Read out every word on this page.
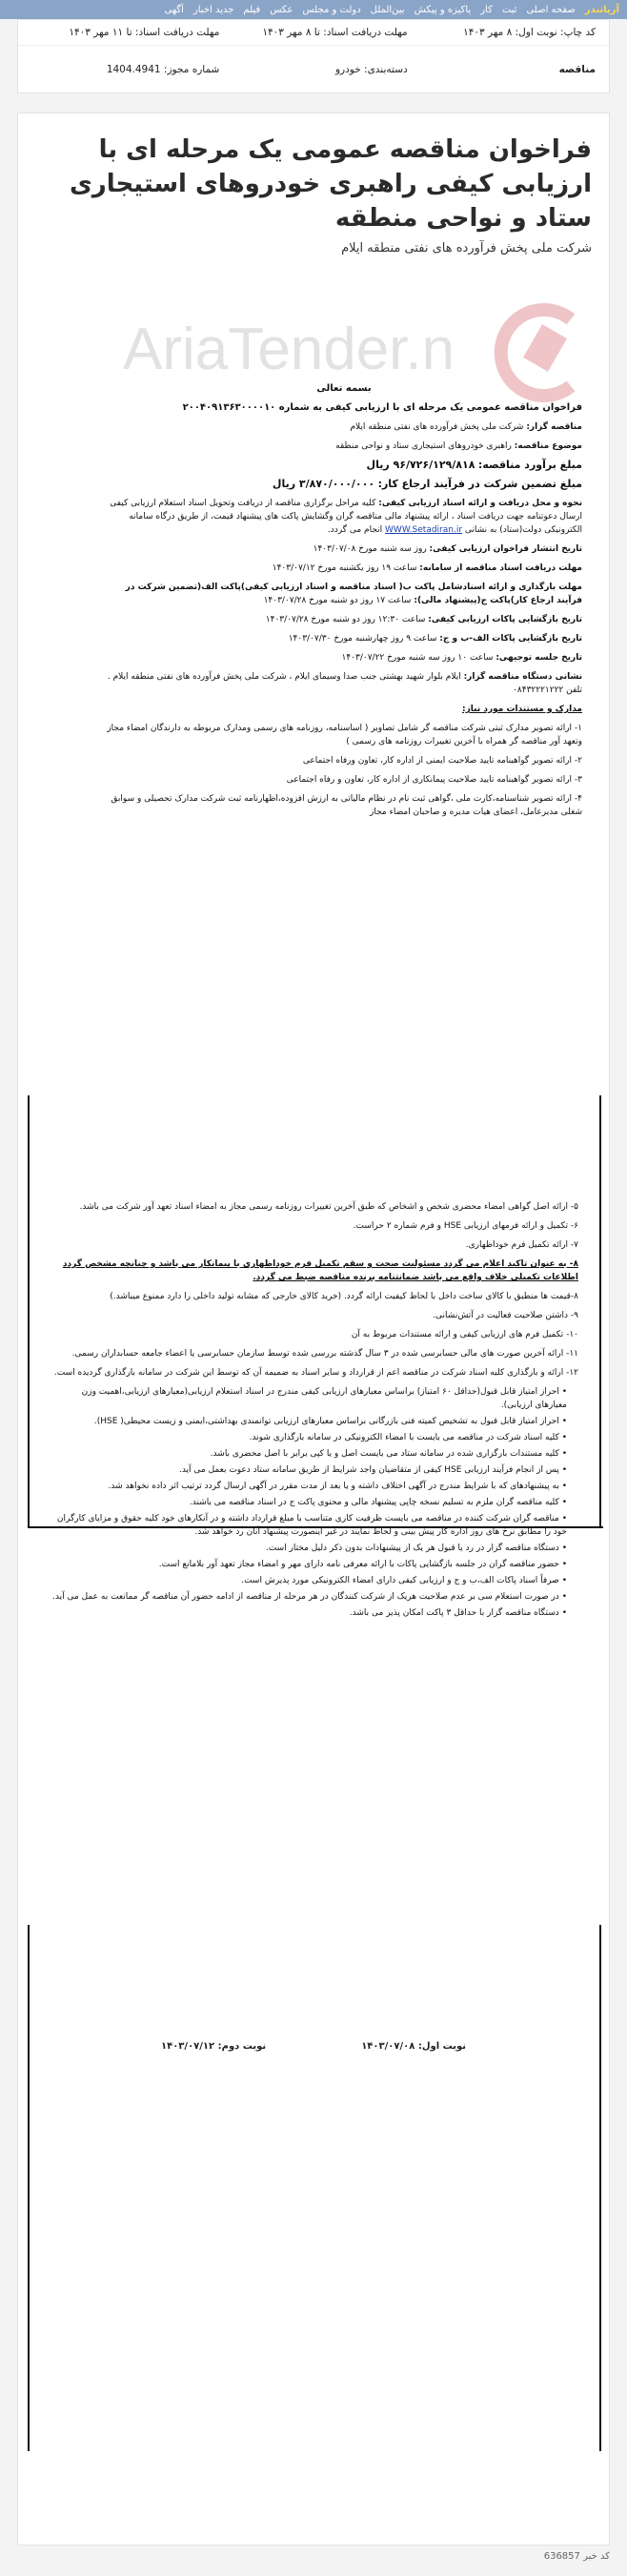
آریا‌تندر
صفحه اصلی
ثبت
کار
پاکیزه و پیکش
بین‌الملل
دولت و مجلس
عکس
فیلم
جدید اخبار
آگهی
کد چاپ: نوبت اول: ۸ مهر ۱۴۰۳
مهلت دریافت اسناد: تا ۸ مهر ۱۴۰۳
مهلت دریافت اسناد: تا ۱۱ مهر ۱۴۰۳
مناقصه
دسته‌بندی: خودرو
شماره مجوز: 1404.4941
فراخوان مناقصه عمومی یک مرحله ای با ارزیابی کیفی راهبری خودروهای استیجاری ستاد و نواحی منطقه
شرکت ملی پخش فرآورده های نفتی منطقه ایلام
AriaTender.n

بسمه تعالی

فراخوان مناقصه عمومی یک مرحله ای با ارزیابی کیفی به شماره ۲۰۰۴۰۹۱۳۶۳۰۰۰۰۱۰

مناقصه گزار: شرکت ملی پخش فرآورده های نفتی منطقه ایلام

موضوع مناقصه: راهبری خودروهای استیجاری ستاد و نواحی منطقه

مبلغ برآورد مناقصه: ۹۶/۷۲۶/۱۲۹/۸۱۸ ریال

مبلغ تضمین شرکت در فرآیند ارجاع کار: ۳/۸۷۰/۰۰۰/۰۰۰ ریال

نحوه و محل دریافت و ارائه اسناد ارزیابی کیفی: کلیه مراحل برگزاری مناقصه از دریافت وتحویل اسناد استعلام ارزیابی کیفی ارسال دعوتنامه جهت دریافت اسناد ، ارائه پیشنهاد مالی مناقصه گران وگشایش پاکت های پیشنهاد قیمت، از طریق درگاه سامانه الکترونیکی دولت(ستاد) به نشانی WWW.Setadiran.ir انجام می گردد.

تاریخ انتشار فراخوان ارزیابی کیفی: روز سه شنبه مورخ ۱۴۰۳/۰۷/۰۸

مهلت دریافت اسناد مناقصه از سامانه: ساعت ۱۹ روز یکشنبه مورخ ۱۴۰۳/۰۷/۱۲

مهلت بارگذاری و ارائه اسنادشامل پاکت ب( اسناد مناقصه و اسناد ارزیابی کیفی)پاکت الف(تضمین شرکت در فرآیند ارجاع کار)پاکت ج(پیشنهاد مالی): ساعت ۱۷ روز دو شنبه مورخ ۱۴۰۳/۰۷/۲۸

تاریخ بازگشایی پاکات ارزیابی کیفی: ساعت ۱۲:۳۰ روز دو شنبه مورخ ۱۴۰۳/۰۷/۲۸

تاریخ بازگشایی پاکات الف-ب و ج: ساعت ۹ روز چهارشنبه مورخ ۱۴۰۳/۰۷/۳۰

تاریخ جلسه توجیهی: ساعت ۱۰ روز سه شنبه مورخ ۱۴۰۳/۰۷/۲۲

نشانی دستگاه مناقصه گزار: ایلام بلوار شهید بهشتی جنب صدا وسیمای ایلام ، شرکت ملی پخش فرآورده های نفتی منطقه ایلام . تلفن ۰۸۴۳۲۲۲۱۲۲۲

مدارک و مستندات مورد نیاز:

۱- ارائه تصویر مدارک ثبتی شرکت مناقصه گر شامل تصاویر ( اساسنامه، روزنامه های رسمی ومدارک مربوطه به دارندگان امضاء مجاز وتعهد آور مناقصه گر همراه با آخرین تغییرات روزنامه های رسمی )

۲- ارائه تصویر گواهینامه تایید صلاحیت ایمنی از اداره کار، تعاون ورفاه اجتماعی

۳- ارائه تصویر گواهینامه تایید صلاحیت پیمانکاری از اداره کار، تعاون و رفاه اجتماعی

۴- ارائه تصویر شناسنامه،کارت ملی ،گواهی ثبت نام در نظام مالیاتی به ارزش افزوده،اظهارنامه ثبت شرکت مدارک تحصیلی و سوابق شغلی مدیرعامل، اعضای هیات مدیره و صاحبان امضاء مجاز

۵- ارائه اصل گواهی امضاء محضری شخص و اشخاص که طبق آخرین تغییرات روزنامه رسمی مجاز به امضاء اسناد تعهد آور شرکت می باشد.

۶- تکمیل و ارائه فرمهای ارزیابی HSE و فرم شماره ۲ حراست.

۷- ارائه تکمیل فرم خوداظهاری.

۸- به عنوان تاکید اعلام می گردد مسئولیت صحت و سقم تکمیل فرم خوداظهاری با پیمانکار می باشد و چنانچه مشخص گردد اطلاعات تکمیلی خلاف واقع می باشد ضمانتنامه برنده مناقصه ضبط می گردد.

۸-قیمت ها منطبق با کالای ساخت داخل با لحاظ کیفیت ارائه گردد. (خرید کالای خارجی که مشابه تولید داخلی را دارد ممنوع میباشد.)

۹- داشتن صلاحیت فعالیت در آتش‌نشانی.

۱۰- تکمیل فرم های ارزیابی کیفی و ارائه مستندات مربوط به آن

۱۱- ارائه آخرین صورت های مالی حسابرسی شده در ۳ سال گذشته بررسی شده توسط سازمان حسابرسی یا اعضاء جامعه حسابداران رسمی.

۱۲- ارائه و بارگذاری کلیه اسناد شرکت در مناقصه اعم از قرارداد و سایر اسناد به ضمیمه آن که توسط این شرکت در سامانه بارگذاری گردیده است.

• احراز امتیاز قابل قبول(حداقل ۶۰ امتیاز) براساس معیارهای ارزیابی کیفی مندرج در اسناد استعلام ارزیابی(معیارهای ارزیابی،اهمیت وزن معیارهای ارزیابی).
• احراز امتیاز قابل قبول به تشخیص کمیته فنی بازرگانی براساس معیارهای ارزیابی توانمندی بهداشتی،ایمنی و زیست محیطی( HSE).
• کلیه اسناد شرکت در مناقصه می بایست با امضاء الکترونیکی در سامانه بارگذاری شوند.
• کلیه مستندات بارگزاری شده در سامانه ستاد می بایست اصل و یا کپی برابر با اصل محضری باشد.
• پس از انجام فرآیند ارزیابی HSE کیفی از متقاضیان واجد شرایط از طریق سامانه ستاد دعوت بعمل می آید.
• به پیشنهادهای که با شرایط مندرج در آگهی اختلاف داشته و یا بعد از مدت مقرر در آگهی ارسال گردد ترتیب اثر داده نخواهد شد.
• کلیه مناقصه گران ملزم به تسلیم نسخه چاپی پیشنهاد مالی و محتوی پاکت ج در اسناد مناقصه می باشند.
• مناقصه گران شرکت کننده در مناقصه می بایست ظرفیت کاری متناسب با مبلغ قرارداد داشته و در آنکارهای خود کلیه حقوق و مزایای کارگران خود را مطابق نرخ های روز اداره کار پیش بینی و لحاظ نمایند در غیر اینصورت پیشنهاد آنان رد خواهد شد.
• دستگاه مناقصه گزار در رد یا قبول هر یک از پیشنهادات بدون ذکر دلیل مختار است.
• حضور مناقصه گران در جلسه بازگشایی پاکات با ارائه معرفی نامه دارای مهر و امضاء مجاز تعهد آور بلامانع است.
• صرفاً اسناد پاکات الف،ب و ج و ارزیابی کیفی دارای امضاء الکترونیکی مورد پذیرش است.
• در صورت استعلام سی بر عدم صلاحیت هریک از شرکت کنندگان در هر مرحله از مناقصه از ادامه حضور آن مناقصه گر ممانعت به عمل می آید.
• دستگاه مناقصه گزار با حداقل ۳ پاکت امکان پذیر می باشد.
نوبت اول: ۱۴۰۳/۰۷/۰۸
نوبت دوم: ۱۴۰۳/۰۷/۱۲
کد خبر 636857
